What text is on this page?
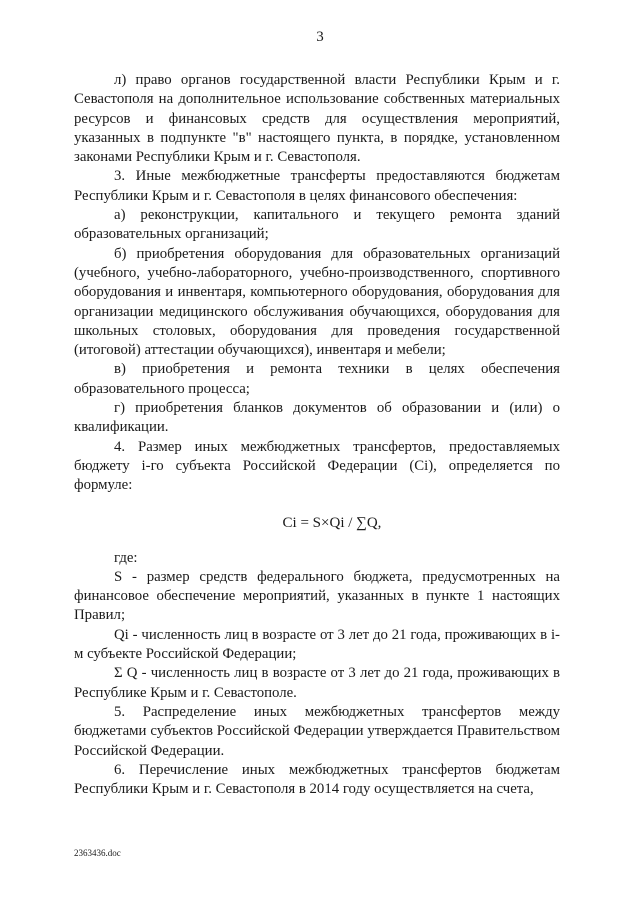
3

л) право органов государственной власти Республики Крым и г. Севастополя на дополнительное использование собственных материальных ресурсов и финансовых средств для осуществления мероприятий, указанных в подпункте "в" настоящего пункта, в порядке, установленном законами Республики Крым и г. Севастополя.

3. Иные межбюджетные трансферты предоставляются бюджетам Республики Крым и г. Севастополя в целях финансового обеспечения:

а) реконструкции, капитального и текущего ремонта зданий образовательных организаций;

б) приобретения оборудования для образовательных организаций (учебного, учебно-лабораторного, учебно-производственного, спортивного оборудования и инвентаря, компьютерного оборудования, оборудования для организации медицинского обслуживания обучающихся, оборудования для школьных столовых, оборудования для проведения государственной (итоговой) аттестации обучающихся), инвентаря и мебели;

в) приобретения и ремонта техники в целях обеспечения образовательного процесса;

г) приобретения бланков документов об образовании и (или) о квалификации.

4. Размер иных межбюджетных трансфертов, предоставляемых бюджету i-го субъекта Российской Федерации (Ci), определяется по формуле:

Ci = S×Qi / ∑Q,

где:

S - размер средств федерального бюджета, предусмотренных на финансовое обеспечение мероприятий, указанных в пункте 1 настоящих Правил;

Qi - численность лиц в возрасте от 3 лет до 21 года, проживающих в i-м субъекте Российской Федерации;

Σ Q - численность лиц в возрасте от 3 лет до 21 года, проживающих в Республике Крым и г. Севастополе.

5. Распределение иных межбюджетных трансфертов между бюджетами субъектов Российской Федерации утверждается Правительством Российской Федерации.

6. Перечисление иных межбюджетных трансфертов бюджетам Республики Крым и г. Севастополя в 2014 году осуществляется на счета,

2363436.doc
